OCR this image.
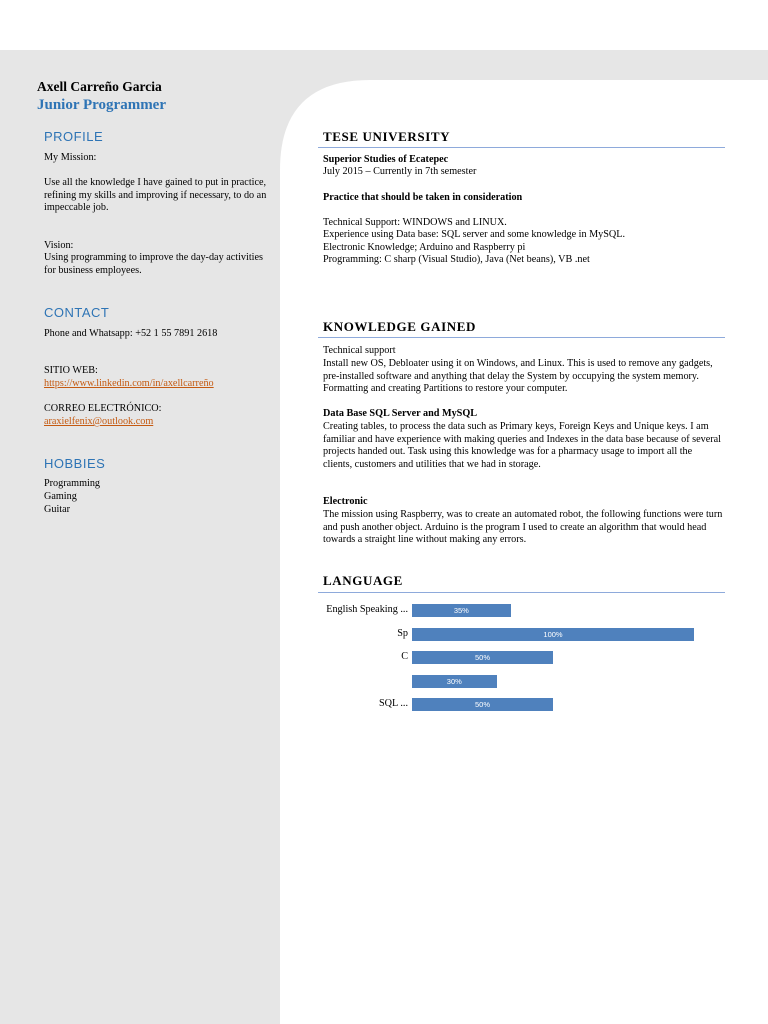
Axell Carreño Garcia
Junior Programmer
PROFILE
My Mission:
Use all the knowledge I have gained to put in practice, refining my skills and improving if necessary, to do an impeccable job.
Vision:
Using programming to improve the day-day activities for business employees.
CONTACT
Phone and Whatsapp: +52 1 55 7891 2618
SITIO WEB:
https://www.linkedin.com/in/axellcarreño
CORREO ELECTRÓNICO:
araxielfenix@outlook.com
HOBBIES
Programming
Gaming
Guitar
TESE UNIVERSITY
Superior Studies of Ecatepec
July 2015 – Currently in 7th semester
Practice that should be taken in consideration
Technical Support: WINDOWS and LINUX.
Experience using Data base: SQL server and some knowledge in MySQL.
Electronic Knowledge; Arduino and Raspberry pi
Programming: C sharp (Visual Studio), Java (Net beans), VB .net
KNOWLEDGE GAINED
Technical support
Install new OS, Debloater using it on Windows, and Linux. This is used to remove any gadgets, pre-installed software and anything that delay the System by occupying the system memory. Formatting and creating Partitions to restore your computer.
Data Base SQL Server and MySQL
Creating tables, to process the data such as Primary keys, Foreign Keys and Unique keys. I am familiar and have experience with making queries and Indexes in the data base because of several projects handed out. Task using this knowledge was for a pharmacy usage to import all the clients, customers and utilities that we had in storage.
Electronic
The mission using Raspberry, was to create an automated robot, the following functions were turn and push another object. Arduino is the program I used to create an algorithm that would head towards a straight line without making any errors.
LANGUAGE
English Speaking ...
Sp
C
SQL ...
35%
100%
50%
30%
50%
